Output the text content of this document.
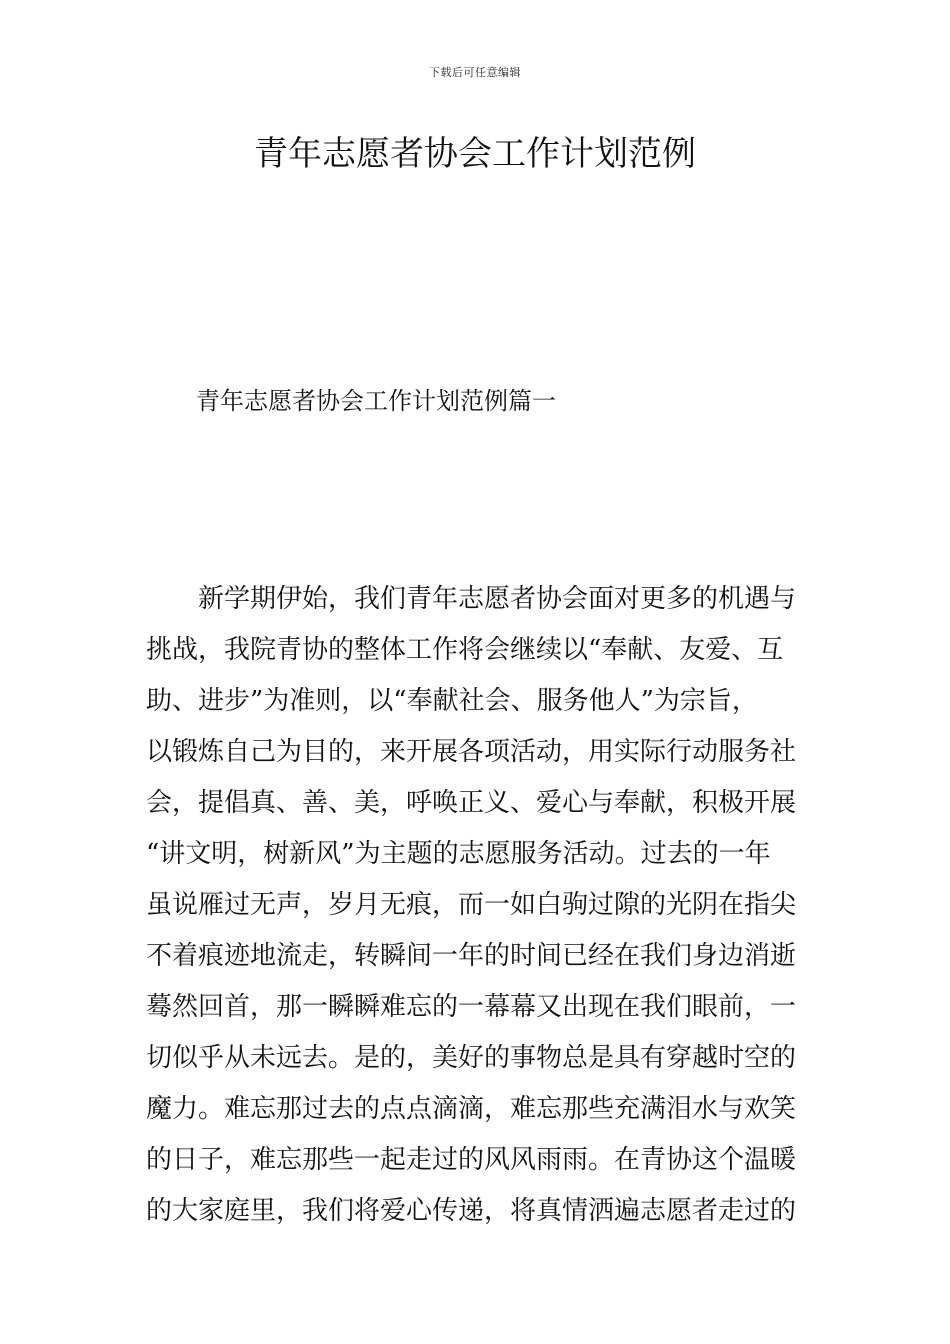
下载后可任意编辑
青年志愿者协会工作计划范例
青年志愿者协会工作计划范例篇一
　　新学期伊始，我们青年志愿者协会面对更多的机遇与
挑战，我院青协的整体工作将会继续以“奉献、友爱、互
助、进步”为准则，以“奉献社会、服务他人”为宗旨，
以锻炼自己为目的，来开展各项活动，用实际行动服务社
会，提倡真、善、美，呼唤正义、爱心与奉献，积极开展
“讲文明，树新风”为主题的志愿服务活动。过去的一年
虽说雁过无声，岁月无痕，而一如白驹过隙的光阴在指尖
不着痕迹地流走，转瞬间一年的时间已经在我们身边消逝
蓦然回首，那一瞬瞬难忘的一幕幕又出现在我们眼前，一
切似乎从未远去。是的，美好的事物总是具有穿越时空的
魔力。难忘那过去的点点滴滴，难忘那些充满泪水与欢笑
的日子，难忘那些一起走过的风风雨雨。在青协这个温暖
的大家庭里，我们将爱心传递，将真情洒遍志愿者走过的
